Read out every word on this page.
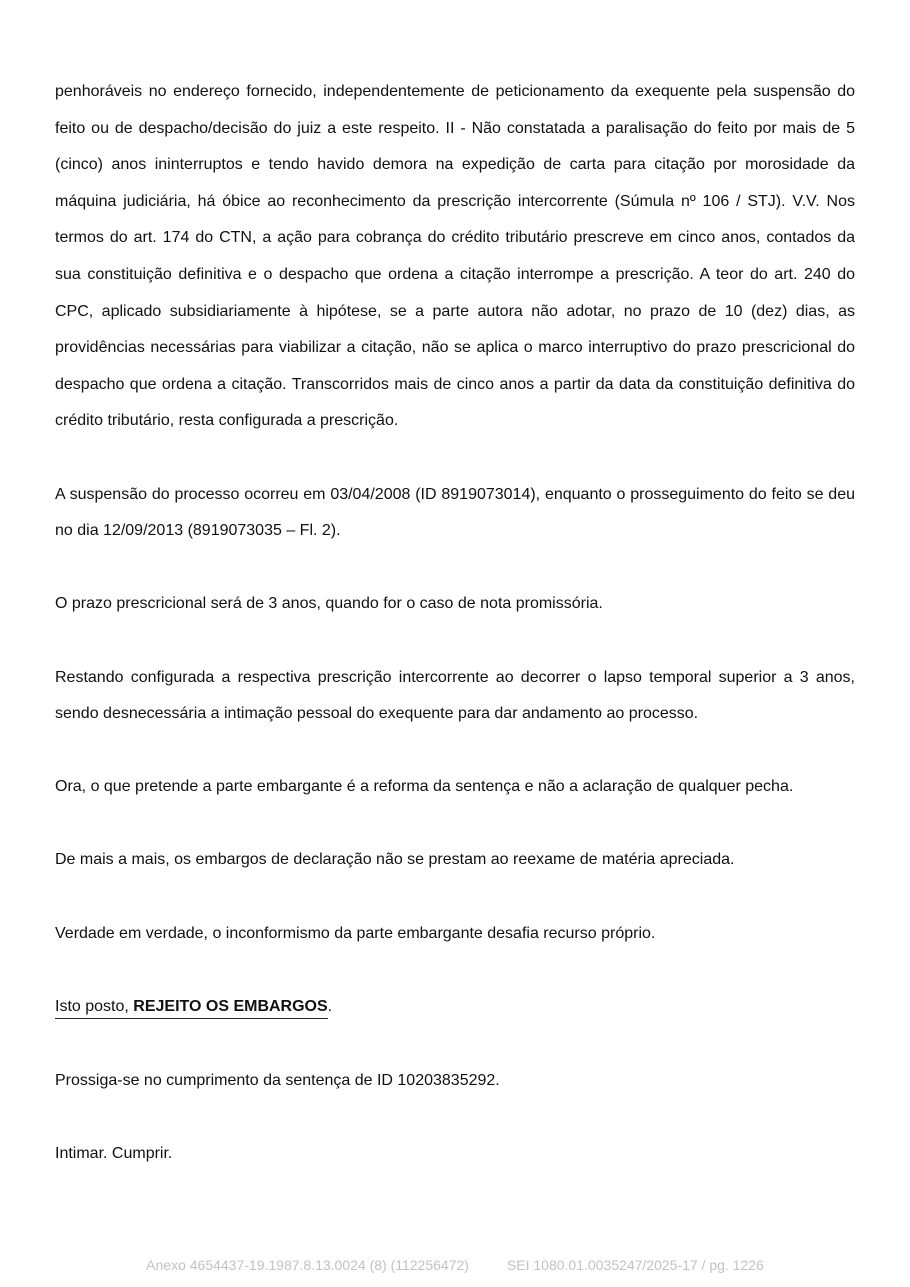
penhoráveis no endereço fornecido, independentemente de peticionamento da exequente pela suspensão do feito ou de despacho/decisão do juiz a este respeito. II - Não constatada a paralisação do feito por mais de 5 (cinco) anos ininterruptos e tendo havido demora na expedição de carta para citação por morosidade da máquina judiciária, há óbice ao reconhecimento da prescrição intercorrente (Súmula nº 106 / STJ). V.V. Nos termos do art. 174 do CTN, a ação para cobrança do crédito tributário prescreve em cinco anos, contados da sua constituição definitiva e o despacho que ordena a citação interrompe a prescrição. A teor do art. 240 do CPC, aplicado subsidiariamente à hipótese, se a parte autora não adotar, no prazo de 10 (dez) dias, as providências necessárias para viabilizar a citação, não se aplica o marco interruptivo do prazo prescricional do despacho que ordena a citação. Transcorridos mais de cinco anos a partir da data da constituição definitiva do crédito tributário, resta configurada a prescrição.

A suspensão do processo ocorreu em 03/04/2008 (ID 8919073014), enquanto o prosseguimento do feito se deu no dia 12/09/2013 (8919073035 – Fl. 2).

O prazo prescricional será de 3 anos, quando for o caso de nota promissória.

Restando configurada a respectiva prescrição intercorrente ao decorrer o lapso temporal superior a 3 anos, sendo desnecessária a intimação pessoal do exequente para dar andamento ao processo.

Ora, o que pretende a parte embargante é a reforma da sentença e não a aclaração de qualquer pecha.

De mais a mais, os embargos de declaração não se prestam ao reexame de matéria apreciada.

Verdade em verdade, o inconformismo da parte embargante desafia recurso próprio.

Isto posto, REJEITO OS EMBARGOS.

Prossiga-se no cumprimento da sentença de ID 10203835292.

Intimar. Cumprir.

Anexo 4654437-19.1987.8.13.0024 (8) (112256472)	SEI 1080.01.0035247/2025-17 / pg. 1226
